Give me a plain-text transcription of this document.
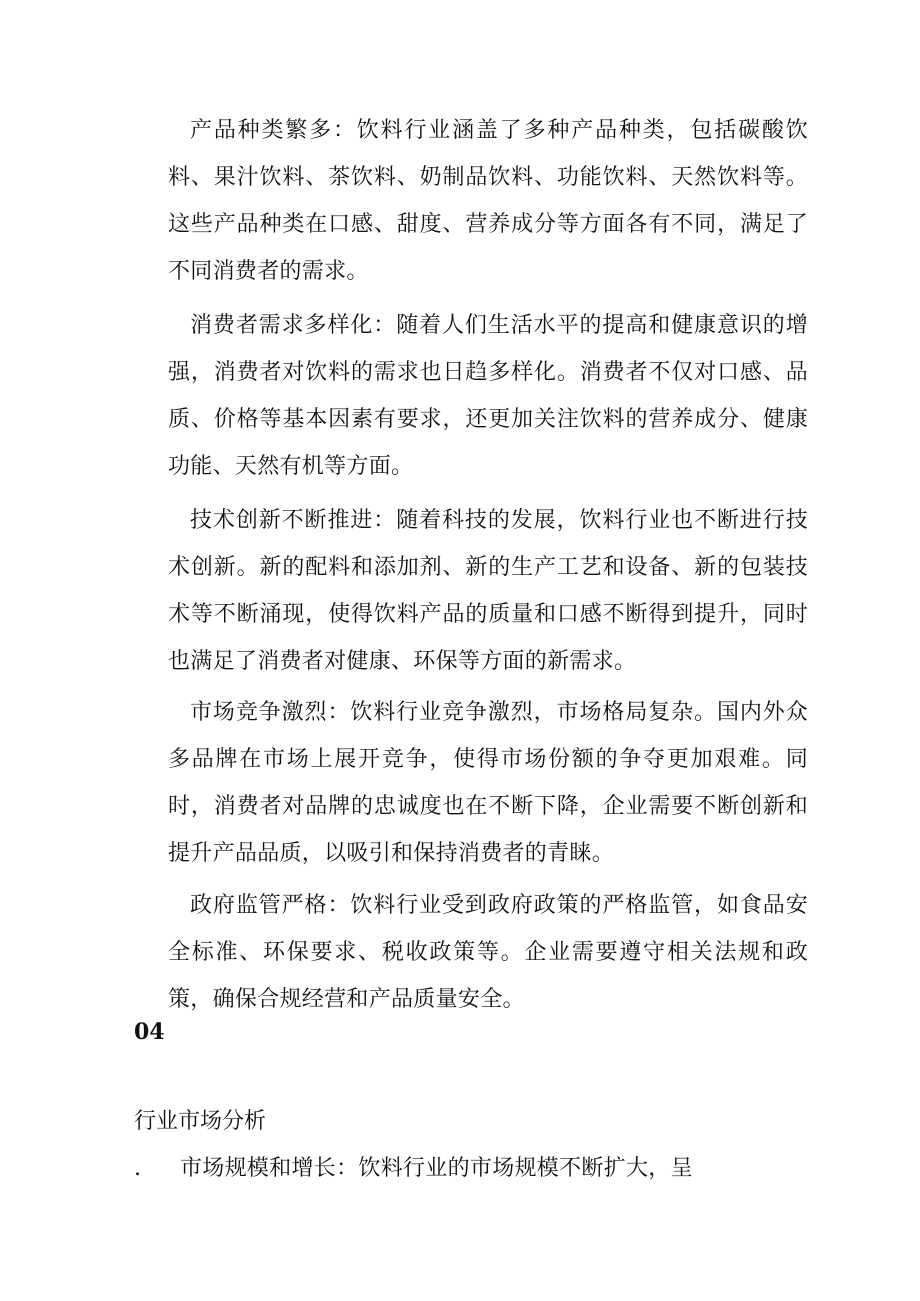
产品种类繁多：饮料行业涵盖了多种产品种类，包括碳酸饮料、果汁饮料、茶饮料、奶制品饮料、功能饮料、天然饮料等。这些产品种类在口感、甜度、营养成分等方面各有不同，满足了不同消费者的需求。

消费者需求多样化：随着人们生活水平的提高和健康意识的增强，消费者对饮料的需求也日趋多样化。消费者不仅对口感、品质、价格等基本因素有要求，还更加关注饮料的营养成分、健康功能、天然有机等方面。

技术创新不断推进：随着科技的发展，饮料行业也不断进行技术创新。新的配料和添加剂、新的生产工艺和设备、新的包装技术等不断涌现，使得饮料产品的质量和口感不断得到提升，同时也满足了消费者对健康、环保等方面的新需求。

市场竞争激烈：饮料行业竞争激烈，市场格局复杂。国内外众多品牌在市场上展开竞争，使得市场份额的争夺更加艰难。同时，消费者对品牌的忠诚度也在不断下降，企业需要不断创新和提升产品品质，以吸引和保持消费者的青睐。

政府监管严格：饮料行业受到政府政策的严格监管，如食品安全标准、环保要求、税收政策等。企业需要遵守相关法规和政策，确保合规经营和产品质量安全。

04
行业市场分析
. 市场规模和增长：饮料行业的市场规模不断扩大，呈
